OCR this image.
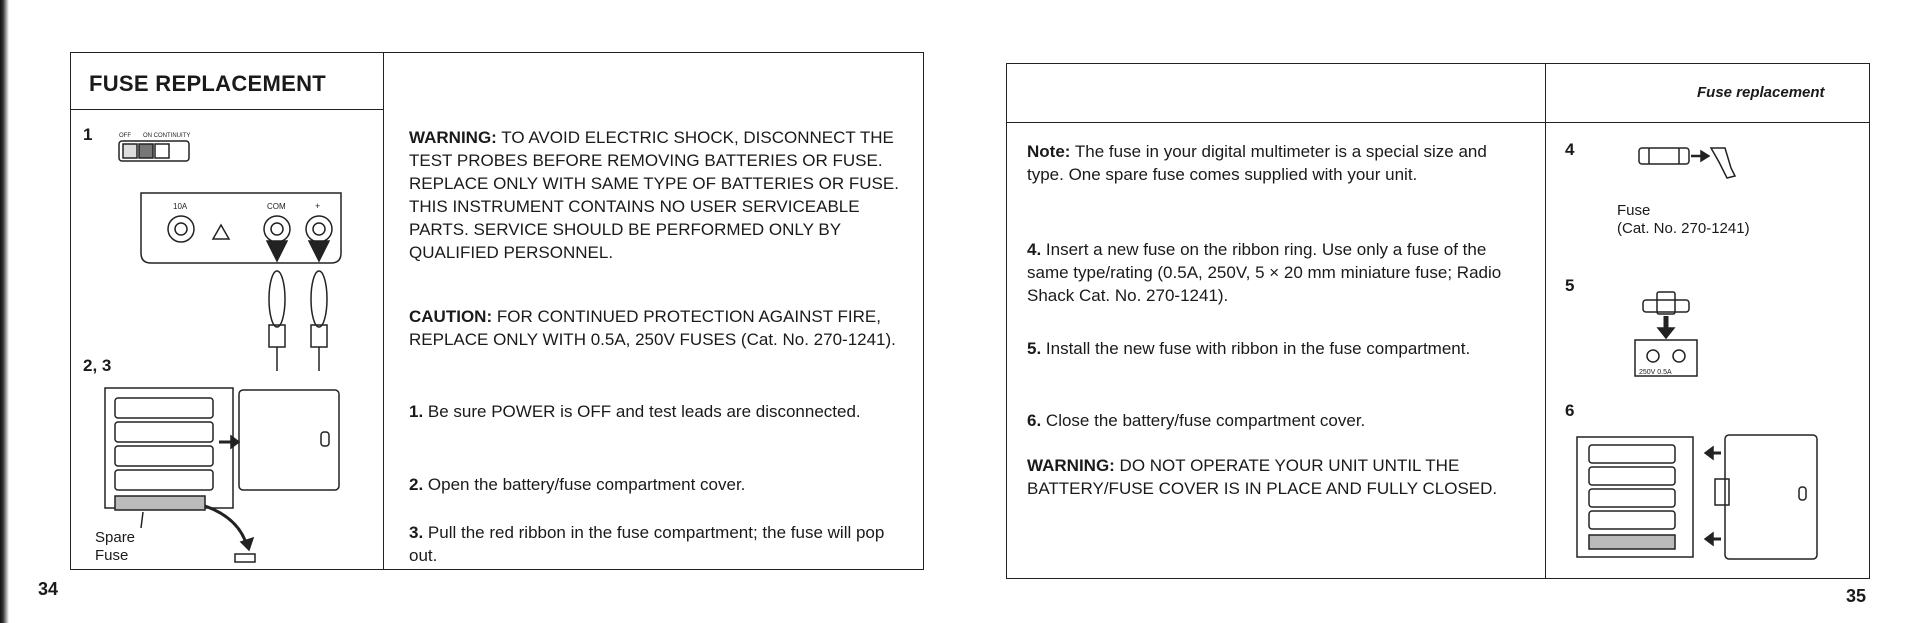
FUSE REPLACEMENT
1
2, 3
OFF ON CONTINUITY
10A	COM	+
Spare
Fuse
WARNING: TO AVOID ELECTRIC SHOCK, DISCONNECT THE TEST PROBES BEFORE REMOVING BATTERIES OR FUSE. REPLACE ONLY WITH SAME TYPE OF BATTERIES OR FUSE. THIS INSTRUMENT CONTAINS NO USER SERVICEABLE PARTS. SERVICE SHOULD BE PERFORMED ONLY BY QUALIFIED PERSONNEL.
CAUTION: FOR CONTINUED PROTECTION AGAINST FIRE, REPLACE ONLY WITH 0.5A, 250V FUSES (Cat. No. 270-1241).
1. Be sure POWER is OFF and test leads are disconnected.
2. Open the battery/fuse compartment cover.
3. Pull the red ribbon in the fuse compartment; the fuse will pop out.
34
Fuse replacement
Note: The fuse in your digital multimeter is a special size and type. One spare fuse comes supplied with your unit.
4. Insert a new fuse on the ribbon ring. Use only a fuse of the same type/rating (0.5A, 250V, 5 × 20 mm miniature fuse; Radio Shack Cat. No. 270-1241).
5. Install the new fuse with ribbon in the fuse compartment.
6. Close the battery/fuse compartment cover.
WARNING: DO NOT OPERATE YOUR UNIT UNTIL THE BATTERY/FUSE COVER IS IN PLACE AND FULLY CLOSED.
4
5
6
Fuse
(Cat. No. 270-1241)
250V 0.5A
35
